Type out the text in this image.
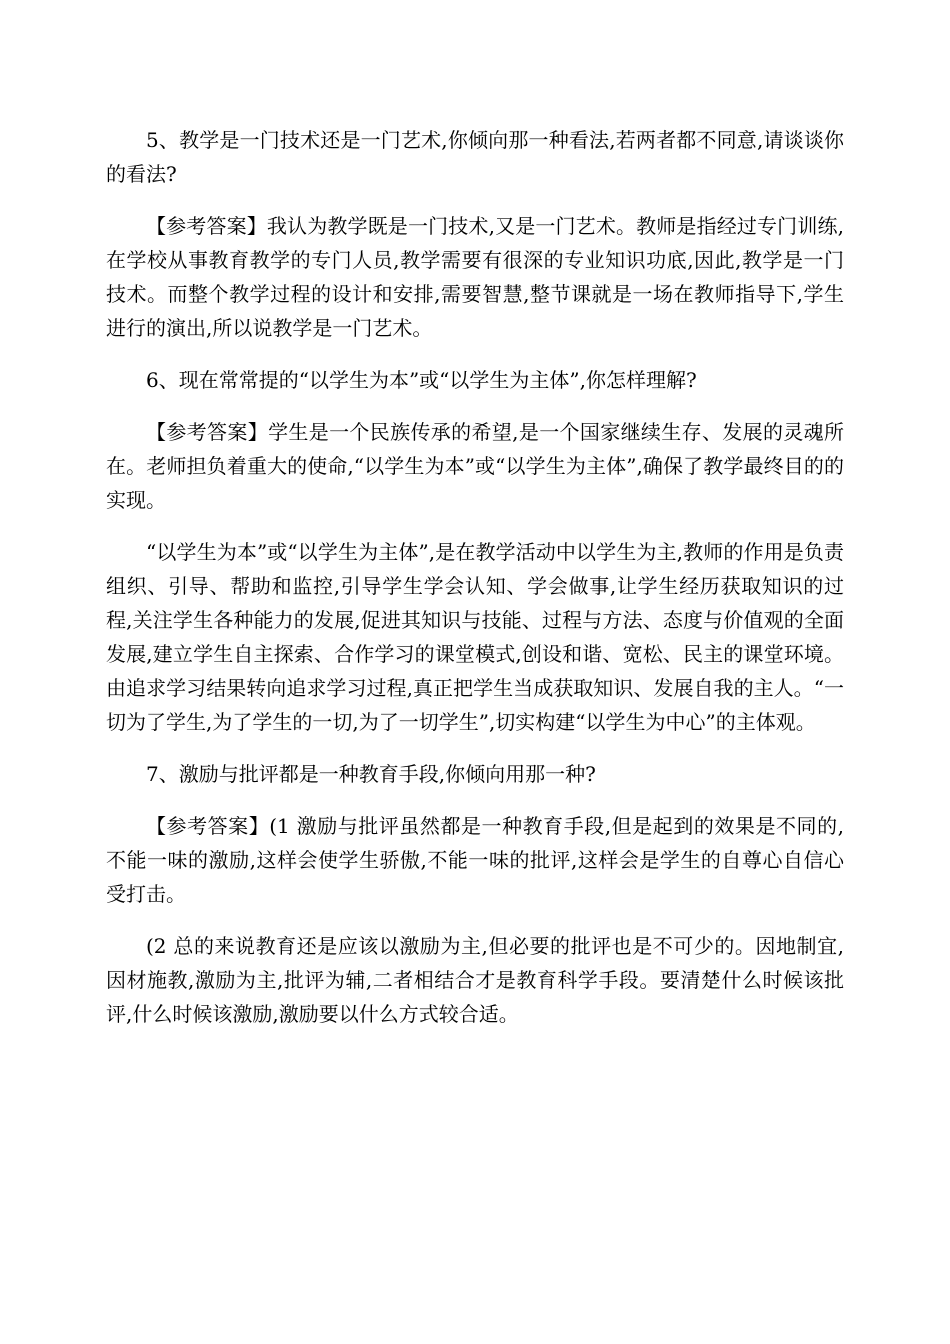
5、教学是一门技术还是一门艺术,你倾向那一种看法,若两者都不同意,请谈谈你的看法?

【参考答案】我认为教学既是一门技术,又是一门艺术。教师是指经过专门训练,在学校从事教育教学的专门人员,教学需要有很深的专业知识功底,因此,教学是一门技术。而整个教学过程的设计和安排,需要智慧,整节课就是一场在教师指导下,学生进行的演出,所以说教学是一门艺术。

6、现在常常提的“以学生为本”或“以学生为主体”,你怎样理解?

【参考答案】学生是一个民族传承的希望,是一个国家继续生存、发展的灵魂所在。老师担负着重大的使命,“以学生为本”或“以学生为主体”,确保了教学最终目的的实现。

“以学生为本”或“以学生为主体”,是在教学活动中以学生为主,教师的作用是负责组织、引导、帮助和监控,引导学生学会认知、学会做事,让学生经历获取知识的过程,关注学生各种能力的发展,促进其知识与技能、过程与方法、态度与价值观的全面发展,建立学生自主探索、合作学习的课堂模式,创设和谐、宽松、民主的课堂环境。由追求学习结果转向追求学习过程,真正把学生当成获取知识、发展自我的主人。“一切为了学生,为了学生的一切,为了一切学生”,切实构建“以学生为中心”的主体观。

7、激励与批评都是一种教育手段,你倾向用那一种?

【参考答案】(1 激励与批评虽然都是一种教育手段,但是起到的效果是不同的,不能一味的激励,这样会使学生骄傲,不能一味的批评,这样会是学生的自尊心自信心受打击。

(2 总的来说教育还是应该以激励为主,但必要的批评也是不可少的。因地制宜,因材施教,激励为主,批评为辅,二者相结合才是教育科学手段。要清楚什么时候该批评,什么时候该激励,激励要以什么方式较合适。
